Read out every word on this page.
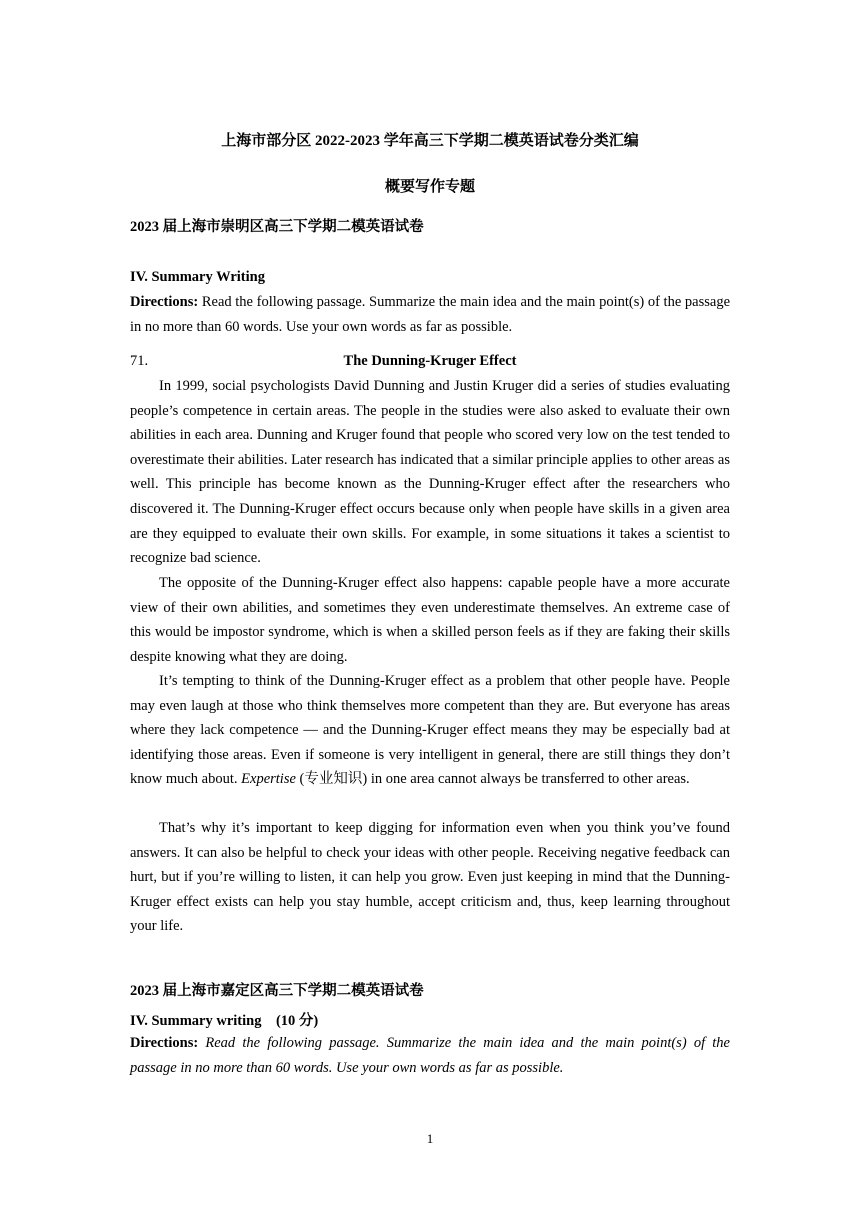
上海市部分区 2022-2023 学年高三下学期二模英语试卷分类汇编
概要写作专题
2023 届上海市崇明区高三下学期二模英语试卷
IV. Summary Writing
Directions: Read the following passage. Summarize the main idea and the main point(s) of the passage in no more than 60 words. Use your own words as far as possible.
71.	The Dunning-Kruger Effect
In 1999, social psychologists David Dunning and Justin Kruger did a series of studies evaluating people’s competence in certain areas. The people in the studies were also asked to evaluate their own abilities in each area. Dunning and Kruger found that people who scored very low on the test tended to overestimate their abilities. Later research has indicated that a similar principle applies to other areas as well. This principle has become known as the Dunning-Kruger effect after the researchers who discovered it. The Dunning-Kruger effect occurs because only when people have skills in a given area are they equipped to evaluate their own skills. For example, in some situations it takes a scientist to recognize bad science.
The opposite of the Dunning-Kruger effect also happens: capable people have a more accurate view of their own abilities, and sometimes they even underestimate themselves. An extreme case of this would be impostor syndrome, which is when a skilled person feels as if they are faking their skills despite knowing what they are doing.
It’s tempting to think of the Dunning-Kruger effect as a problem that other people have. People may even laugh at those who think themselves more competent than they are. But everyone has areas where they lack competence — and the Dunning-Kruger effect means they may be especially bad at identifying those areas. Even if someone is very intelligent in general, there are still things they don’t know much about. Expertise (专业知识) in one area cannot always be transferred to other areas.
That’s why it’s important to keep digging for information even when you think you’ve found answers. It can also be helpful to check your ideas with other people. Receiving negative feedback can hurt, but if you’re willing to listen, it can help you grow. Even just keeping in mind that the Dunning-Kruger effect exists can help you stay humble, accept criticism and, thus, keep learning throughout your life.
2023 届上海市嘉定区高三下学期二模英语试卷
IV. Summary writing　(10 分)
Directions: Read the following passage. Summarize the main idea and the main point(s) of the passage in no more than 60 words. Use your own words as far as possible.
1
